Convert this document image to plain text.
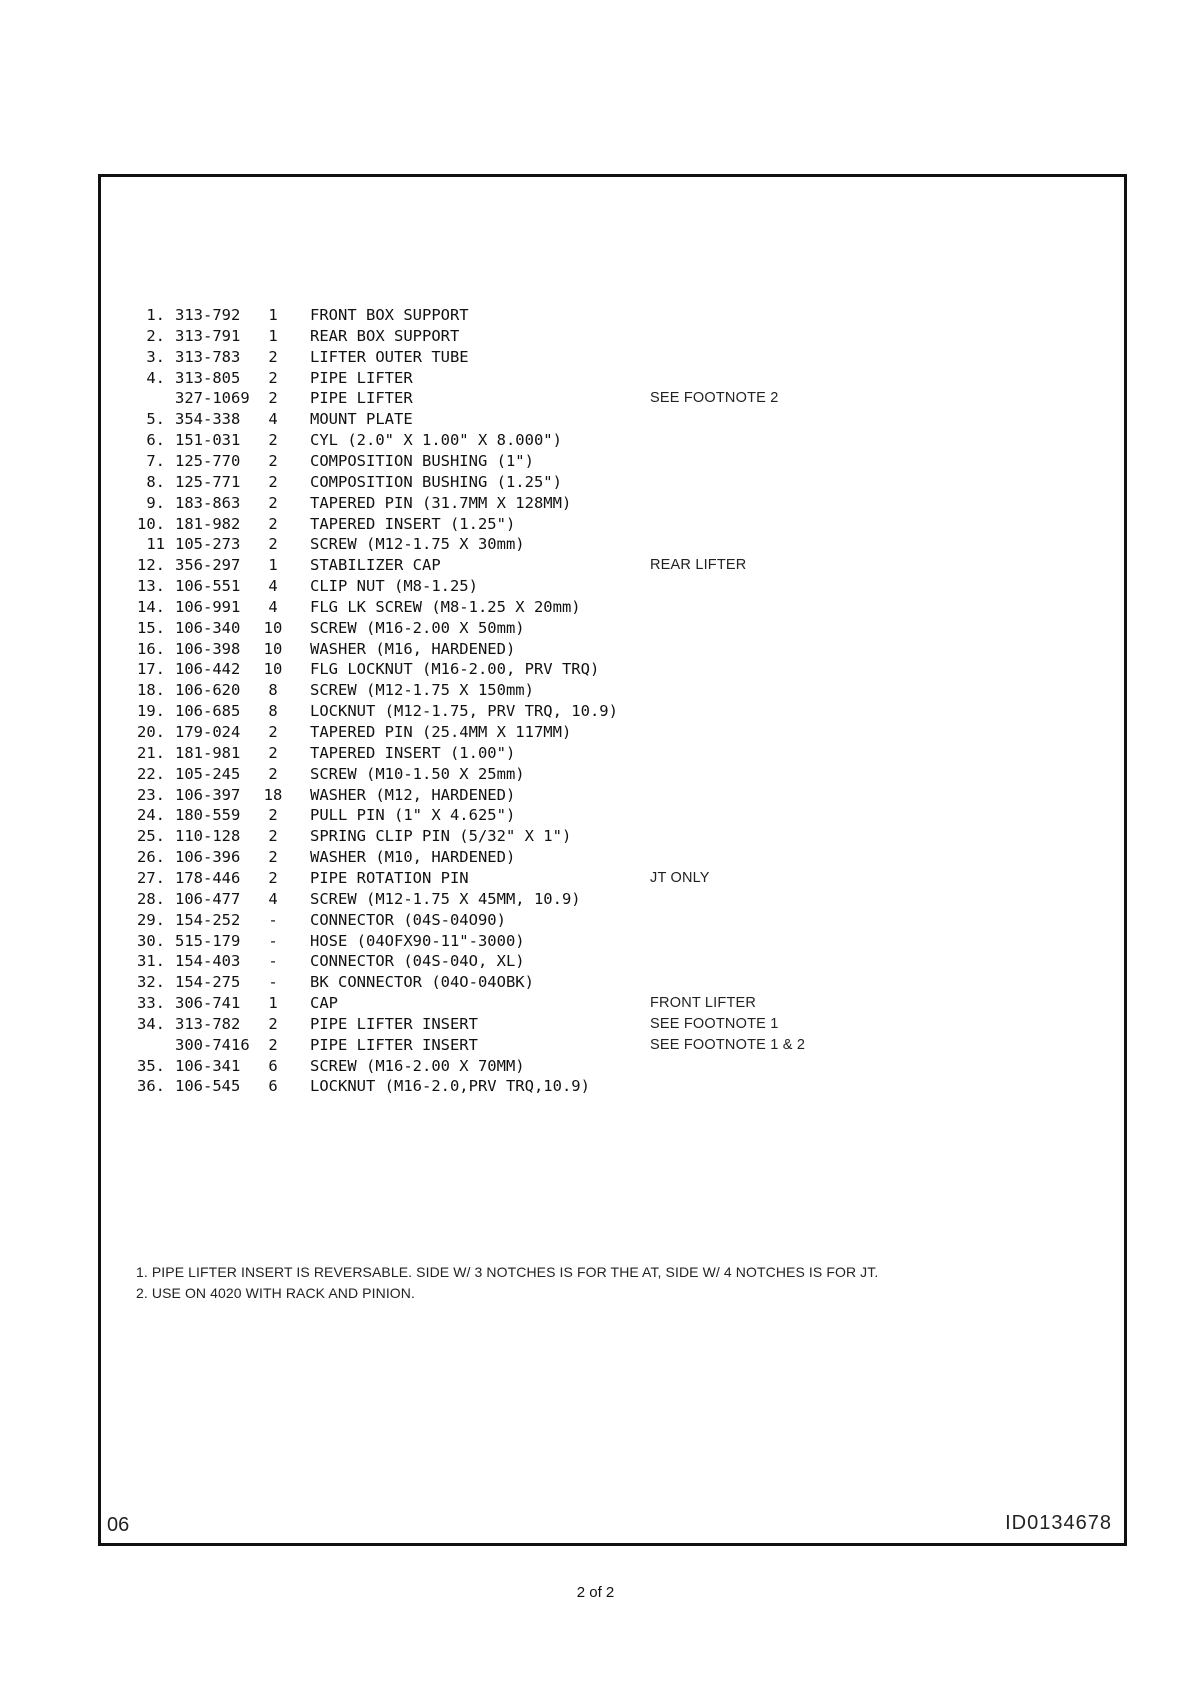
1. 313-792	1	FRONT BOX SUPPORT
2. 313-791	1	REAR BOX SUPPORT
3. 313-783	2	LIFTER OUTER TUBE
4. 313-805	2	PIPE LIFTER
327-1069	2	PIPE LIFTER	SEE FOOTNOTE 2
5. 354-338	4	MOUNT PLATE
6. 151-031	2	CYL (2.0" X 1.00" X 8.000")
7. 125-770	2	COMPOSITION BUSHING (1")
8. 125-771	2	COMPOSITION BUSHING (1.25")
9. 183-863	2	TAPERED PIN (31.7MM X 128MM)
10. 181-982	2	TAPERED INSERT (1.25")
11 105-273	2	SCREW (M12-1.75 X 30mm)
12. 356-297	1	STABILIZER CAP	REAR LIFTER
13. 106-551	4	CLIP NUT (M8-1.25)
14. 106-991	4	FLG LK SCREW (M8-1.25 X 20mm)
15. 106-340	10	SCREW (M16-2.00 X 50mm)
16. 106-398	10	WASHER (M16, HARDENED)
17. 106-442	10	FLG LOCKNUT (M16-2.00, PRV TRQ)
18. 106-620	8	SCREW (M12-1.75 X 150mm)
19. 106-685	8	LOCKNUT (M12-1.75, PRV TRQ, 10.9)
20. 179-024	2	TAPERED PIN (25.4MM X 117MM)
21. 181-981	2	TAPERED INSERT (1.00")
22. 105-245	2	SCREW (M10-1.50 X 25mm)
23. 106-397	18	WASHER (M12, HARDENED)
24. 180-559	2	PULL PIN (1" X 4.625")
25. 110-128	2	SPRING CLIP PIN (5/32" X 1")
26. 106-396	2	WASHER (M10, HARDENED)
27. 178-446	2	PIPE ROTATION PIN	JT ONLY
28. 106-477	4	SCREW (M12-1.75 X 45MM, 10.9)
29. 154-252	-	CONNECTOR (04S-04O90)
30. 515-179	-	HOSE (04OFX90-11"-3000)
31. 154-403	-	CONNECTOR (04S-04O, XL)
32. 154-275	-	BK CONNECTOR (04O-04OBK)
33. 306-741	1	CAP	FRONT LIFTER
34. 313-782	2	PIPE LIFTER INSERT	SEE FOOTNOTE 1
300-7416	2	PIPE LIFTER INSERT	SEE FOOTNOTE 1 & 2
35. 106-341	6	SCREW (M16-2.00 X 70MM)
36. 106-545	6	LOCKNUT (M16-2.0,PRV TRQ,10.9)
1. PIPE LIFTER INSERT IS REVERSABLE. SIDE W/ 3 NOTCHES IS FOR THE AT, SIDE W/ 4 NOTCHES IS FOR JT.
2. USE ON 4020 WITH RACK AND PINION.
06	ID0134678
2 of 2
